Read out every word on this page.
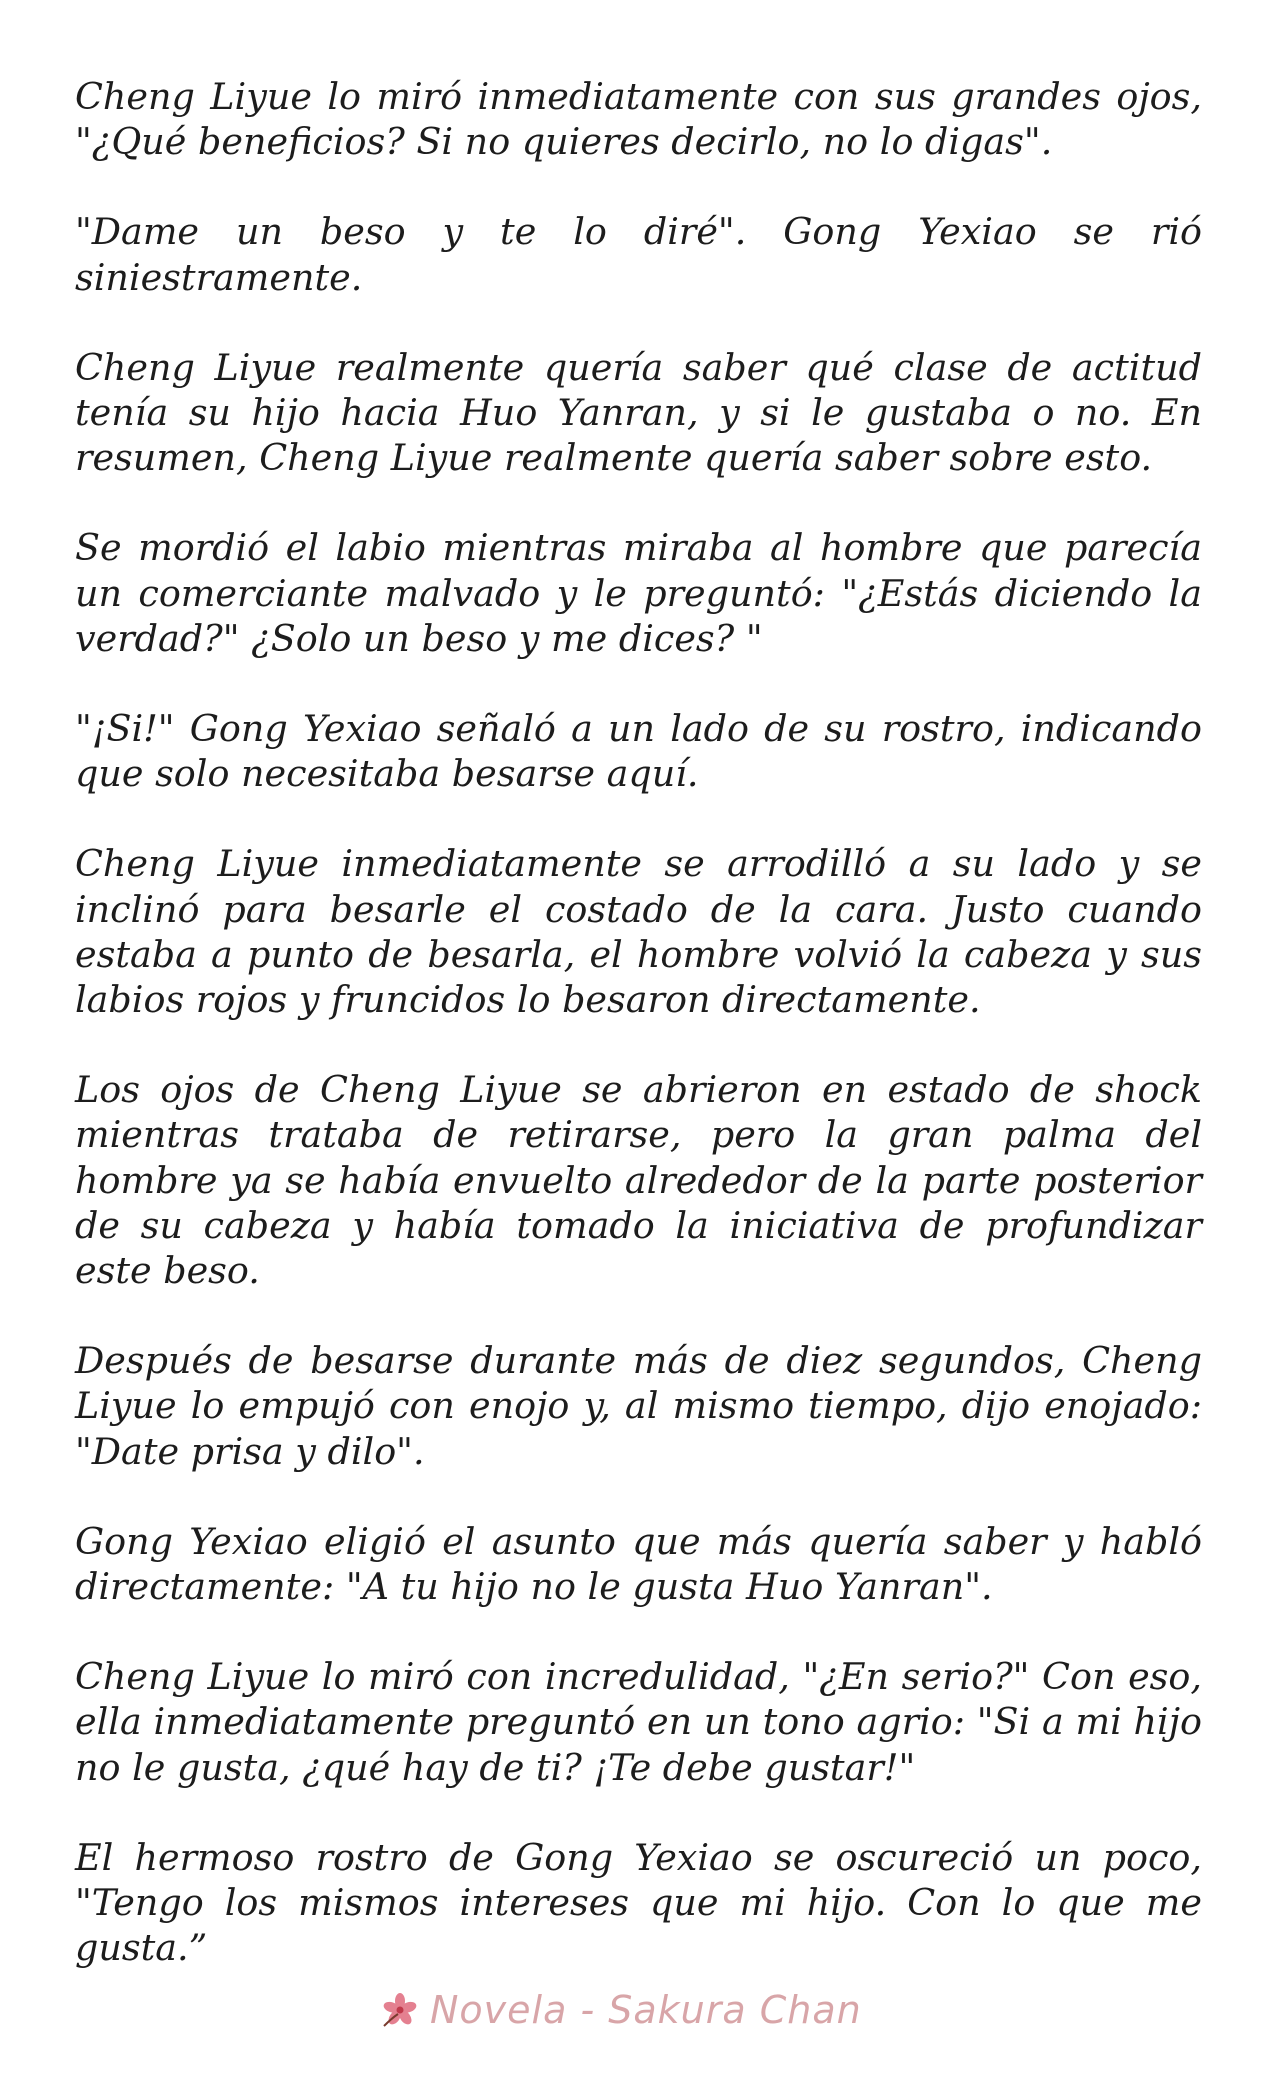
Cheng Liyue lo miró inmediatamente con sus grandes ojos, "¿Qué beneficios? Si no quieres decirlo, no lo digas".

"Dame un beso y te lo diré". Gong Yexiao se rió siniestramente.

Cheng Liyue realmente quería saber qué clase de actitud tenía su hijo hacia Huo Yanran, y si le gustaba o no. En resumen, Cheng Liyue realmente quería saber sobre esto.

Se mordió el labio mientras miraba al hombre que parecía un comerciante malvado y le preguntó: "¿Estás diciendo la verdad?" ¿Solo un beso y me dices? "

"¡Si!" Gong Yexiao señaló a un lado de su rostro, indicando que solo necesitaba besarse aquí.

Cheng Liyue inmediatamente se arrodilló a su lado y se inclinó para besarle el costado de la cara. Justo cuando estaba a punto de besarla, el hombre volvió la cabeza y sus labios rojos y fruncidos lo besaron directamente.

Los ojos de Cheng Liyue se abrieron en estado de shock mientras trataba de retirarse, pero la gran palma del hombre ya se había envuelto alrededor de la parte posterior de su cabeza y había tomado la iniciativa de profundizar este beso.

Después de besarse durante más de diez segundos, Cheng Liyue lo empujó con enojo y, al mismo tiempo, dijo enojado: "Date prisa y dilo".

Gong Yexiao eligió el asunto que más quería saber y habló directamente: "A tu hijo no le gusta Huo Yanran".

Cheng Liyue lo miró con incredulidad, "¿En serio?" Con eso, ella inmediatamente preguntó en un tono agrio: "Si a mi hijo no le gusta, ¿qué hay de ti? ¡Te debe gustar!"

El hermoso rostro de Gong Yexiao se oscureció un poco, "Tengo los mismos intereses que mi hijo. Con lo que me gusta.”

Novela - Sakura Chan
